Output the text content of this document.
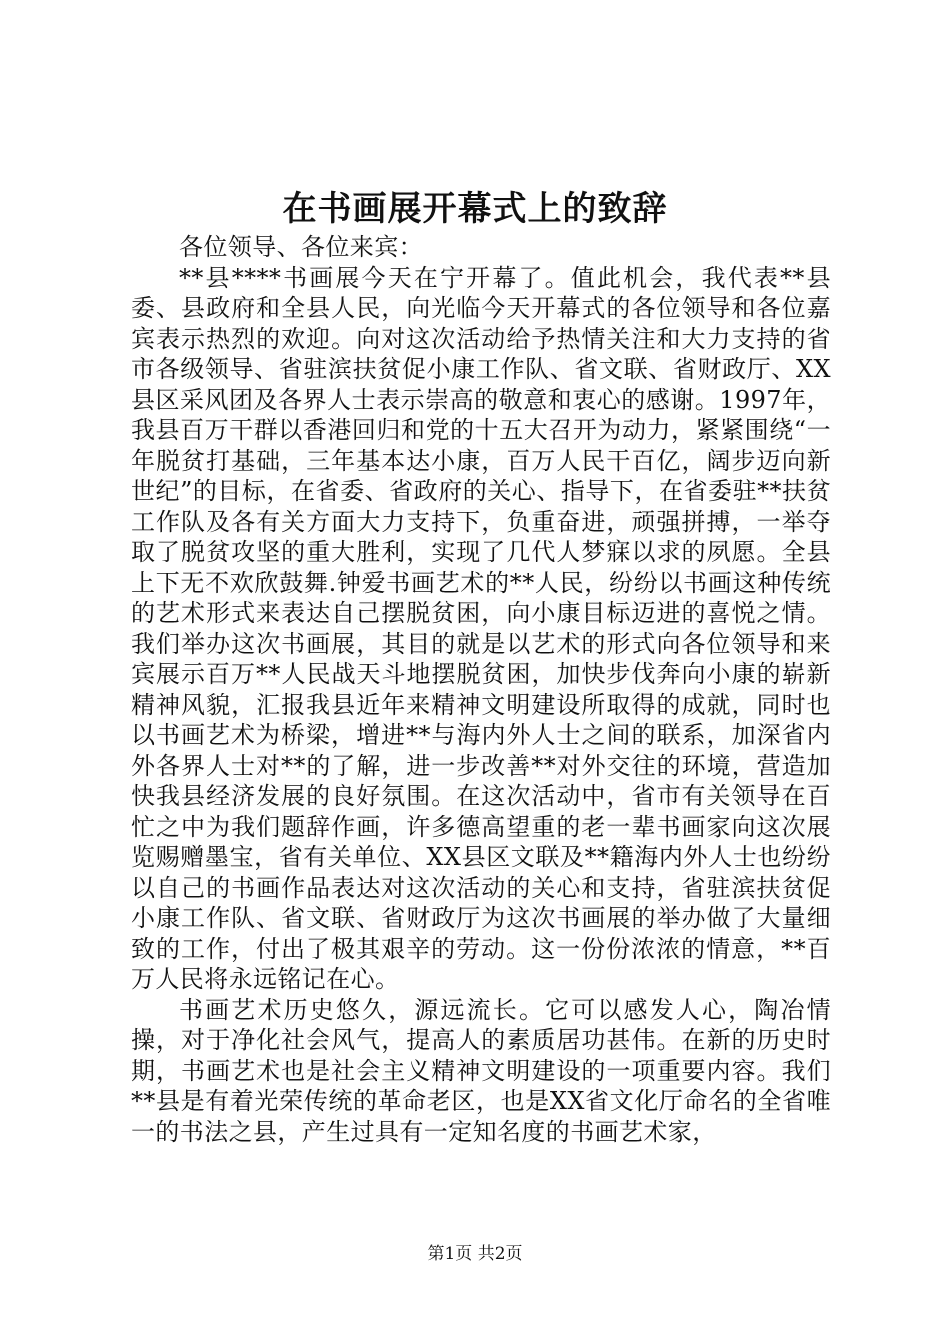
在书画展开幕式上的致辞

各位领导、各位来宾：

**县****书画展今天在宁开幕了。值此机会，我代表**县委、县政府和全县人民，向光临今天开幕式的各位领导和各位嘉宾表示热烈的欢迎。向对这次活动给予热情关注和大力支持的省市各级领导、省驻滨扶贫促小康工作队、省文联、省财政厅、XX县区采风团及各界人士表示崇高的敬意和衷心的感谢。1997年，我县百万干群以香港回归和党的十五大召开为动力，紧紧围绕“一年脱贫打基础，三年基本达小康，百万人民干百亿，阔步迈向新世纪”的目标，在省委、省政府的关心、指导下，在省委驻**扶贫工作队及各有关方面大力支持下，负重奋进，顽强拼搏，一举夺取了脱贫攻坚的重大胜利，实现了几代人梦寐以求的夙愿。全县上下无不欢欣鼓舞.钟爱书画艺术的**人民，纷纷以书画这种传统的艺术形式来表达自己摆脱贫困，向小康目标迈进的喜悦之情。我们举办这次书画展，其目的就是以艺术的形式向各位领导和来宾展示百万**人民战天斗地摆脱贫困，加快步伐奔向小康的崭新精神风貌，汇报我县近年来精神文明建设所取得的成就，同时也以书画艺术为桥梁，增进**与海内外人士之间的联系，加深省内外各界人士对**的了解，进一步改善**对外交往的环境，营造加快我县经济发展的良好氛围。在这次活动中，省市有关领导在百忙之中为我们题辞作画，许多德高望重的老一辈书画家向这次展览赐赠墨宝，省有关单位、XX县区文联及**籍海内外人士也纷纷以自己的书画作品表达对这次活动的关心和支持，省驻滨扶贫促小康工作队、省文联、省财政厅为这次书画展的举办做了大量细致的工作，付出了极其艰辛的劳动。这一份份浓浓的情意，**百万人民将永远铭记在心。

书画艺术历史悠久，源远流长。它可以感发人心，陶冶情操，对于净化社会风气，提高人的素质居功甚伟。在新的历史时期，书画艺术也是社会主义精神文明建设的一项重要内容。我们**县是有着光荣传统的革命老区，也是XX省文化厅命名的全省唯一的书法之县，产生过具有一定知名度的书画艺术家，

第1页 共2页
